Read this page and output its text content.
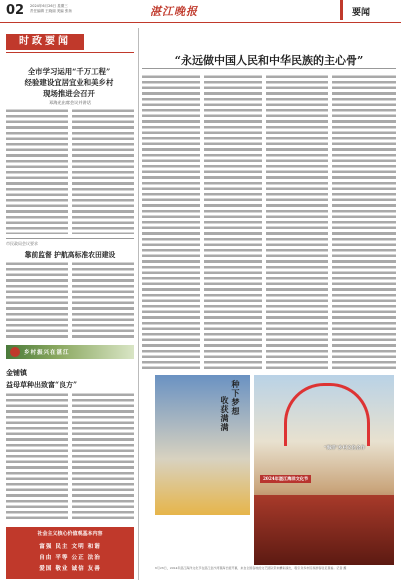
02 2024年6月26日 星期三
责任编辑 王晓丽 美编 张扬	湛江晚报	要闻
时政要闻
全市学习运用“千万工程”
经验建设宜居宜业和美乡村
现场推进会召开
邓海光出席会议并讲话
市民政局会议要求
靠前监督 护航高标准农田建设
乡村振兴在湛江
金铺镇
益母草种出致富“良方”
社会主义核心价值观基本内容
富强 民主 文明 和谐
自由 平等 公正 法治
爱国 敬业 诚信 友善
“永远做中国人民和中华民族的主心骨”
种下梦想
收获满满
“海洋”乡村文化合作
2024年湛江海洋文化节
6月26日，2024年湛江海洋文化节在湛江金沙湾观海长廊开幕，来自全国各地的文艺团队带来精彩演出，吸引众多市民和游客驻足观看。记者 摄
